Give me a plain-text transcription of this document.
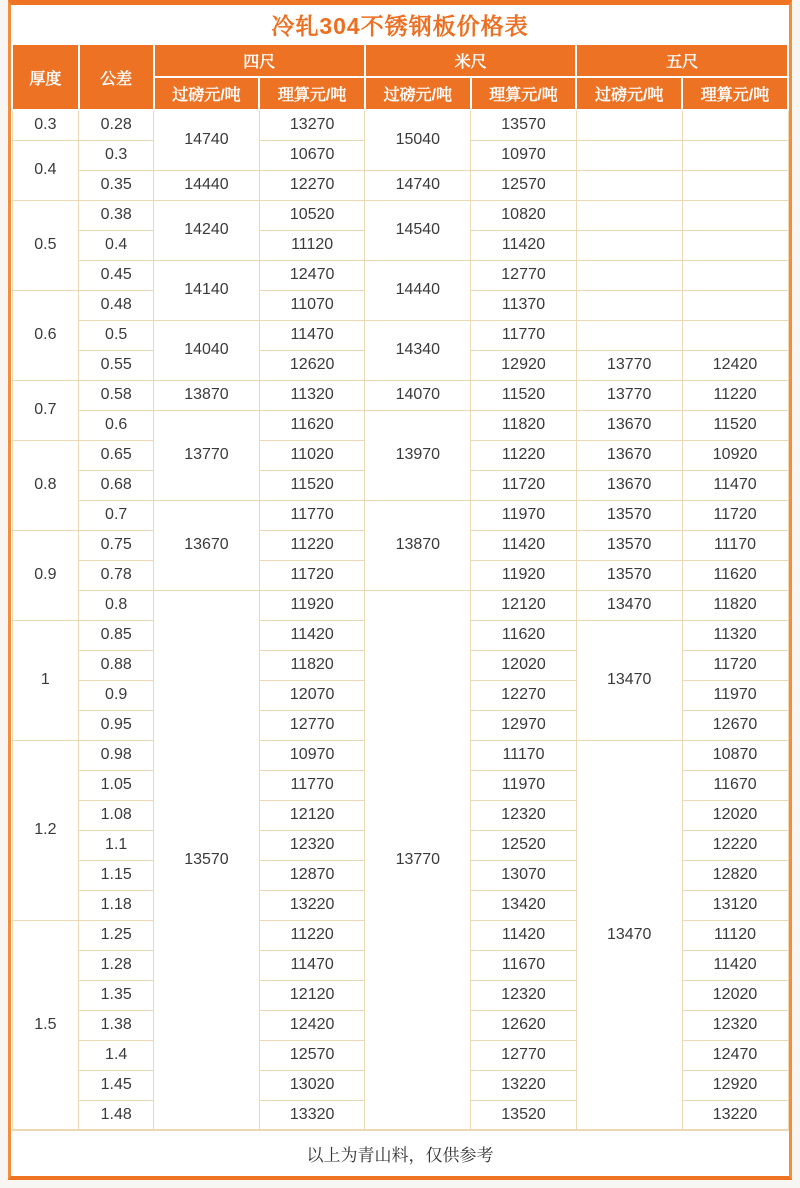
冷轧304不锈钢板价格表							
厚度	公差	四尺		米尺		五尺	
		过磅元/吨	理算元/吨	过磅元/吨	理算元/吨	过磅元/吨	理算元/吨
0.3	0.28	14740	13270	15040	13570		
0.4	0.3		10670		10970		
	0.35	14440	12270	14740	12570		
0.5	0.38	14240	10520	14540	10820		
	0.4		11120		11420		
	0.45	14140	12470	14440	12770		
0.6	0.48		11070		11370		
	0.5	14040	11470	14340	11770		
	0.55		12620		12920	13770	12420
0.7	0.58	13870	11320	14070	11520	13770	11220
	0.6	13770	11620	13970	11820	13670	11520
0.8	0.65		11020		11220	13670	10920
	0.68		11520		11720	13670	11470
	0.7	13670	11770	13870	11970	13570	11720
0.9	0.75		11220		11420	13570	11170
	0.78		11720		11920	13570	11620
	0.8	13570	11920	13770	12120	13470	11820
1	0.85		11420		11620	13470	11320
	0.88		11820		12020		11720
	0.9		12070		12270		11970
	0.95		12770		12970		12670
1.2	0.98		10970		11170	13470	10870
	1.05		11770		11970		11670
	1.08		12120		12320		12020
	1.1		12320		12520		12220
	1.15		12870		13070		12820
	1.18		13220		13420		13120
1.5	1.25		11220		11420		11120
	1.28		11470		11670		11420
	1.35		12120		12320		12020
	1.38		12420		12620		12320
	1.4		12570		12770		12470
	1.45		13020		13220		12920
	1.48		13320		13520		13220
以上为青山料，仅供参考							
